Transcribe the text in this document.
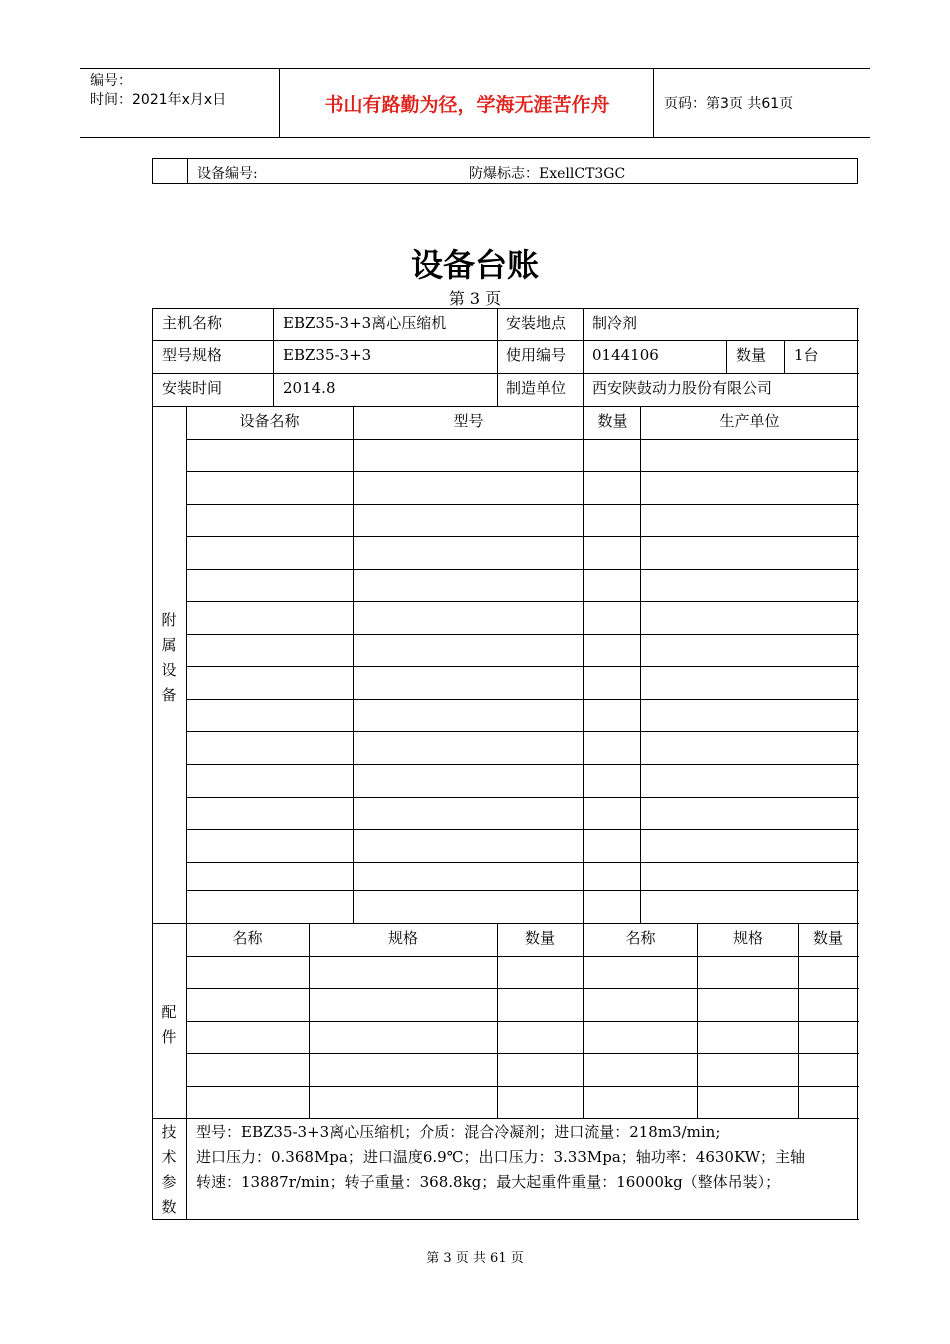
编号：
时间：2021年x月x日	书山有路勤为径，学海无涯苦作舟	页码：第3页 共61页
设备编号:	防爆标志：ExellCT3GC
设备台账
第 3 页
主机名称	EBZ35-3+3离心压缩机	安装地点 制冷剂
型号规格	EBZ35-3+3	使用编号 0144106	数量 1台
安装时间	2014.8	制造单位 西安陕鼓动力股份有限公司
附
属
设
备
设备名称	型号	数量	生产单位
配
件
名称	规格	数量	名称	规格	数量
技
术
参
数
型号：EBZ35-3+3离心压缩机；介质：混合冷凝剂；进口流量：218m3/min;
进口压力：0.368Mpa；进口温度6.9℃；出口压力：3.33Mpa；轴功率：4630KW；主轴
转速：13887r/min；转子重量：368.8kg；最大起重件重量：16000kg（整体吊装）；
第 3 页 共 61 页
